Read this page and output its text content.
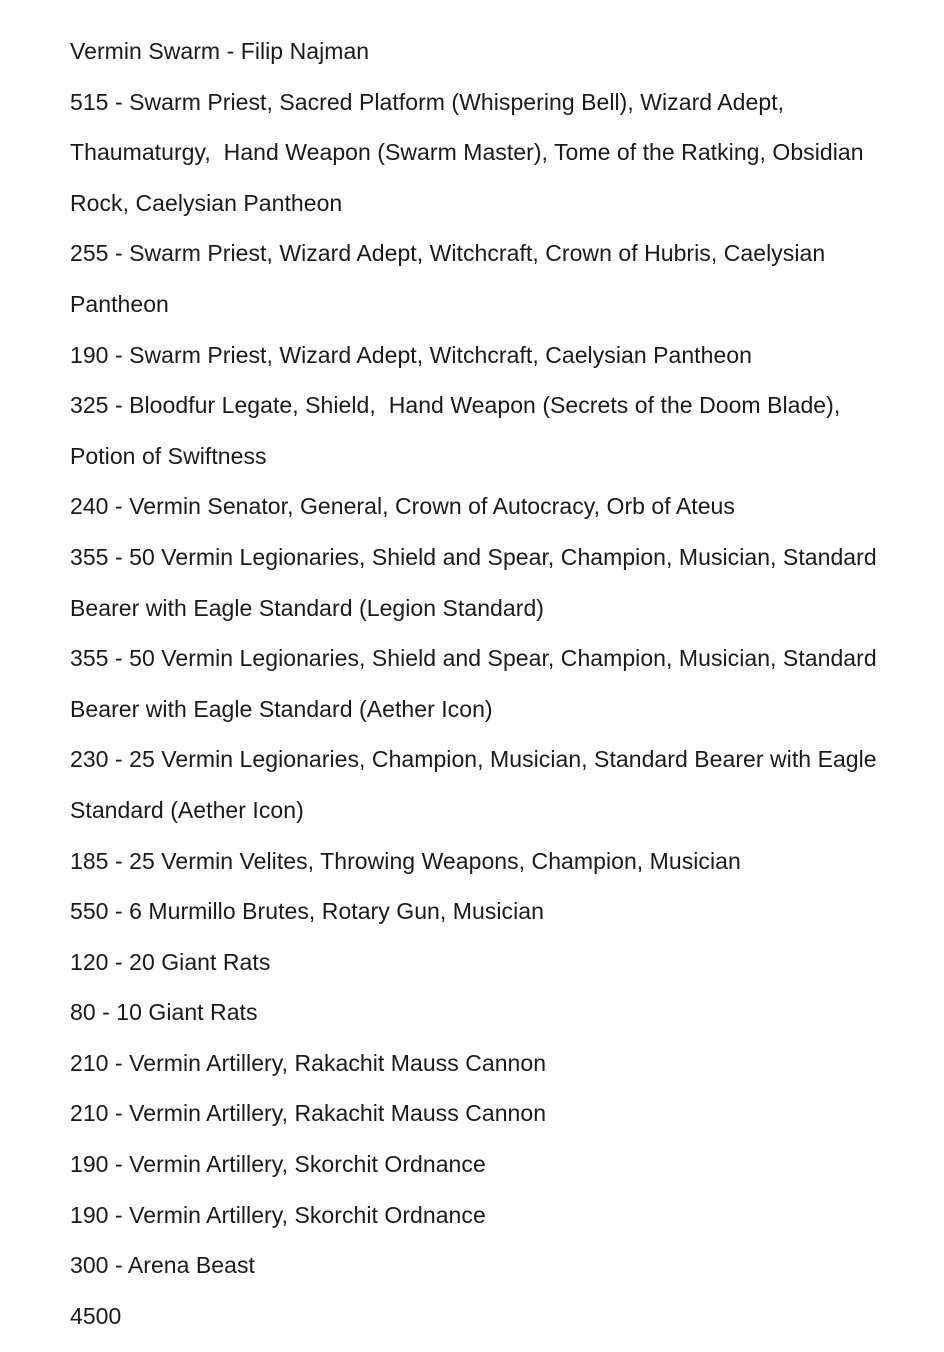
Vermin Swarm - Filip Najman

515 - Swarm Priest, Sacred Platform (Whispering Bell), Wizard Adept, Thaumaturgy,  Hand Weapon (Swarm Master), Tome of the Ratking, Obsidian Rock, Caelysian Pantheon

255 - Swarm Priest, Wizard Adept, Witchcraft, Crown of Hubris, Caelysian Pantheon

190 - Swarm Priest, Wizard Adept, Witchcraft, Caelysian Pantheon

325 - Bloodfur Legate, Shield,  Hand Weapon (Secrets of the Doom Blade), Potion of Swiftness

240 - Vermin Senator, General, Crown of Autocracy, Orb of Ateus

355 - 50 Vermin Legionaries, Shield and Spear, Champion, Musician, Standard Bearer with Eagle Standard (Legion Standard)

355 - 50 Vermin Legionaries, Shield and Spear, Champion, Musician, Standard Bearer with Eagle Standard (Aether Icon)

230 - 25 Vermin Legionaries, Champion, Musician, Standard Bearer with Eagle Standard (Aether Icon)

185 - 25 Vermin Velites, Throwing Weapons, Champion, Musician

550 - 6 Murmillo Brutes, Rotary Gun, Musician

120 - 20 Giant Rats

80 - 10 Giant Rats

210 - Vermin Artillery, Rakachit Mauss Cannon

210 - Vermin Artillery, Rakachit Mauss Cannon

190 - Vermin Artillery, Skorchit Ordnance

190 - Vermin Artillery, Skorchit Ordnance

300 - Arena Beast

4500
